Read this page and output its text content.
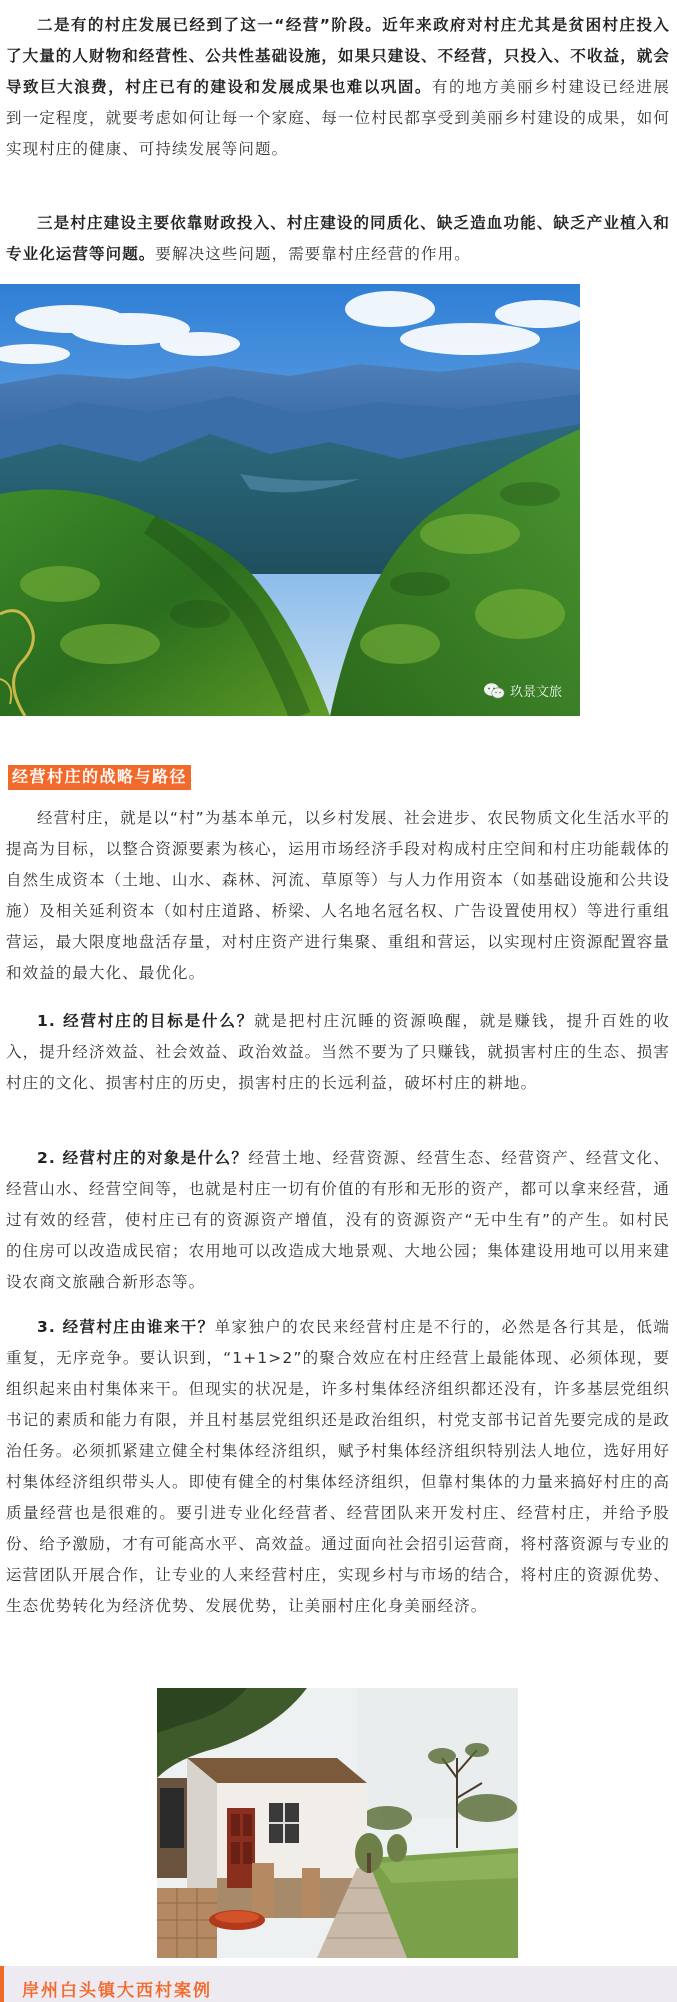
二是有的村庄发展已经到了这一“经营”阶段。近年来政府对村庄尤其是贫困村庄投入了大量的人财物和经营性、公共性基础设施，如果只建设、不经营，只投入、不收益，就会导致巨大浪费，村庄已有的建设和发展成果也难以巩固。有的地方美丽乡村建设已经进展到一定程度，就要考虑如何让每一个家庭、每一位村民都享受到美丽乡村建设的成果，如何实现村庄的健康、可持续发展等问题。

三是村庄建设主要依靠财政投入、村庄建设的同质化、缺乏造血功能、缺乏产业植入和专业化运营等问题。要解决这些问题，需要靠村庄经营的作用。

玖景文旅
经营村庄的战略与路径

经营村庄，就是以“村”为基本单元，以乡村发展、社会进步、农民物质文化生活水平的提高为目标，以整合资源要素为核心，运用市场经济手段对构成村庄空间和村庄功能载体的自然生成资本（土地、山水、森林、河流、草原等）与人力作用资本（如基础设施和公共设施）及相关延利资本（如村庄道路、桥梁、人名地名冠名权、广告设置使用权）等进行重组营运，最大限度地盘活存量，对村庄资产进行集聚、重组和营运，以实现村庄资源配置容量和效益的最大化、最优化。

1. 经营村庄的目标是什么？就是把村庄沉睡的资源唤醒，就是赚钱，提升百姓的收入，提升经济效益、社会效益、政治效益。当然不要为了只赚钱，就损害村庄的生态、损害村庄的文化、损害村庄的历史，损害村庄的长远利益，破坏村庄的耕地。

2. 经营村庄的对象是什么？经营土地、经营资源、经营生态、经营资产、经营文化、经营山水、经营空间等，也就是村庄一切有价值的有形和无形的资产，都可以拿来经营，通过有效的经营，使村庄已有的资源资产增值，没有的资源资产“无中生有”的产生。如村民的住房可以改造成民宿；农用地可以改造成大地景观、大地公园；集体建设用地可以用来建设农商文旅融合新形态等。

3. 经营村庄由谁来干？单家独户的农民来经营村庄是不行的，必然是各行其是，低端重复，无序竞争。要认识到，“1+1>2”的聚合效应在村庄经营上最能体现、必须体现，要组织起来由村集体来干。但现实的状况是，许多村集体经济组织都还没有，许多基层党组织书记的素质和能力有限，并且村基层党组织还是政治组织，村党支部书记首先要完成的是政治任务。必须抓紧建立健全村集体经济组织，赋予村集体经济组织特别法人地位，选好用好村集体经济组织带头人。即使有健全的村集体经济组织，但靠村集体的力量来搞好村庄的高质量经营也是很难的。要引进专业化经营者、经营团队来开发村庄、经营村庄，并给予股份、给予激励，才有可能高水平、高效益。通过面向社会招引运营商，将村落资源与专业的运营团队开展合作，让专业的人来经营村庄，实现乡村与市场的结合，将村庄的资源优势、生态优势转化为经济优势、发展优势，让美丽村庄化身美丽经济。

岸州白头镇大西村案例
